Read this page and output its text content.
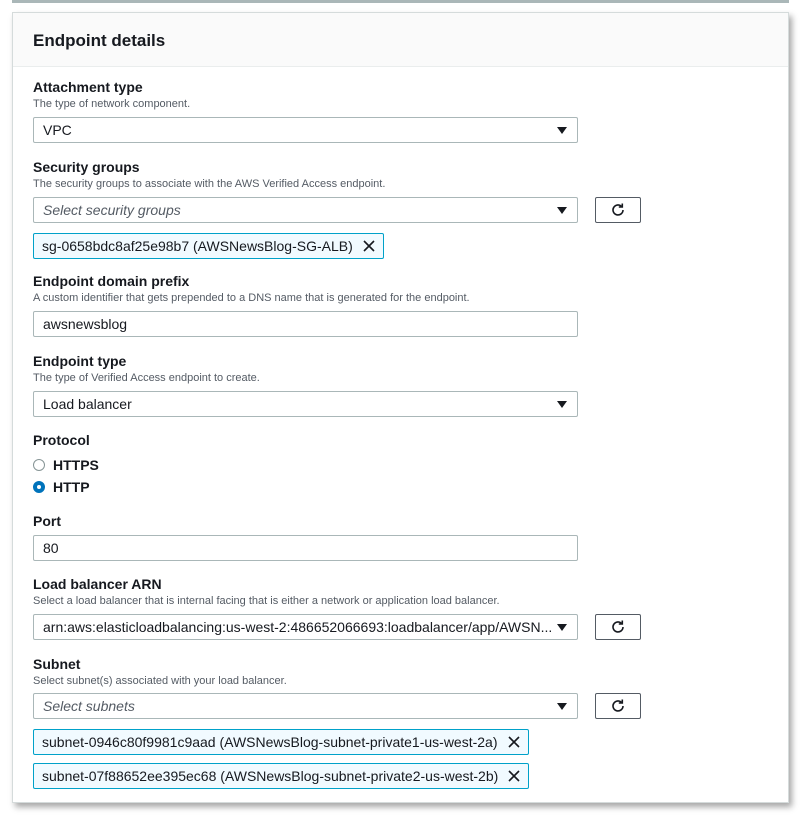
Endpoint details
Attachment type
The type of network component.
VPC
Security groups
The security groups to associate with the AWS Verified Access endpoint.
Select security groups
sg-0658bdc8af25e98b7 (AWSNewsBlog-SG-ALB)
Endpoint domain prefix
A custom identifier that gets prepended to a DNS name that is generated for the endpoint.
awsnewsblog
Endpoint type
The type of Verified Access endpoint to create.
Load balancer
Protocol
HTTPS
HTTP
Port
80
Load balancer ARN
Select a load balancer that is internal facing that is either a network or application load balancer.
arn:aws:elasticloadbalancing:us-west-2:486652066693:loadbalancer/app/AWSN...
Subnet
Select subnet(s) associated with your load balancer.
Select subnets
subnet-0946c80f9981c9aad (AWSNewsBlog-subnet-private1-us-west-2a)
subnet-07f88652ee395ec68 (AWSNewsBlog-subnet-private2-us-west-2b)
